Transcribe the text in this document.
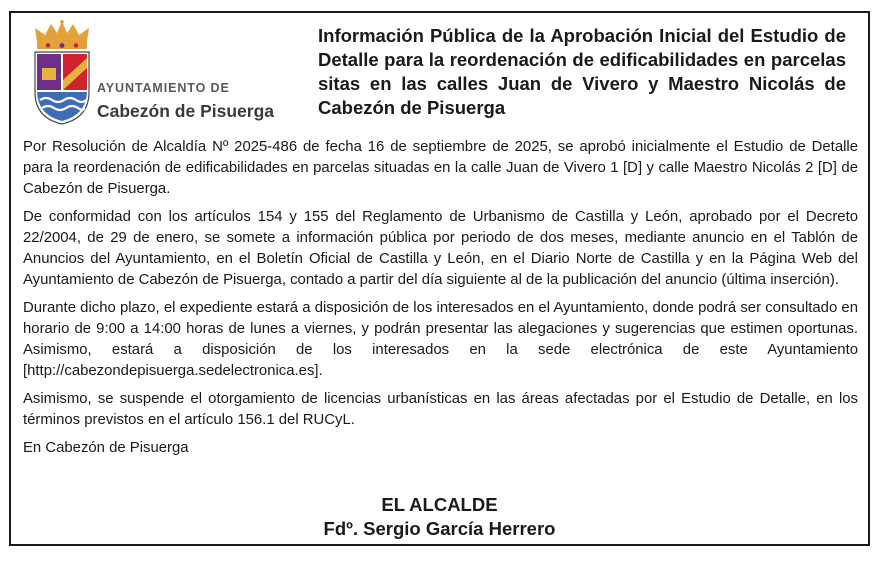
AYUNTAMIENTO DE
Cabezón de Pisuerga
Información Pública de la Aprobación Inicial del Estudio de Detalle para la reordenación de edificabilidades en parcelas sitas en las calles Juan de Vivero y Maestro Nicolás de Cabezón de Pisuerga

Por Resolución de Alcaldía Nº 2025-486 de fecha 16 de septiembre de 2025, se aprobó inicialmente el Estudio de Detalle para la reordenación de edificabilidades en parcelas situadas en la calle Juan de Vivero 1 [D] y calle Maestro Nicolás 2 [D] de Cabezón de Pisuerga.

De conformidad con los artículos 154 y 155 del Reglamento de Urbanismo de Castilla y León, aprobado por el Decreto 22/2004, de 29 de enero, se somete a información pública por periodo de dos meses, mediante anuncio en el Tablón de Anuncios del Ayuntamiento, en el Boletín Oficial de Castilla y León, en el Diario Norte de Castilla y en la Página Web del Ayuntamiento de Cabezón de Pisuerga, contado a partir del día siguiente al de la publicación del anuncio (última inserción).

Durante dicho plazo, el expediente estará a disposición de los interesados en el Ayuntamiento, donde podrá ser consultado en horario de 9:00 a 14:00 horas de lunes a viernes, y podrán presentar las alegaciones y sugerencias que estimen oportunas. Asimismo, estará a disposición de los interesados en la sede electrónica de este Ayuntamiento [http://cabezondepisuerga.sedelectronica.es].

Asimismo, se suspende el otorgamiento de licencias urbanísticas en las áreas afectadas por el Estudio de Detalle, en los términos previstos en el artículo 156.1 del RUCyL.

En Cabezón de Pisuerga

EL ALCALDE
Fdº. Sergio García Herrero
